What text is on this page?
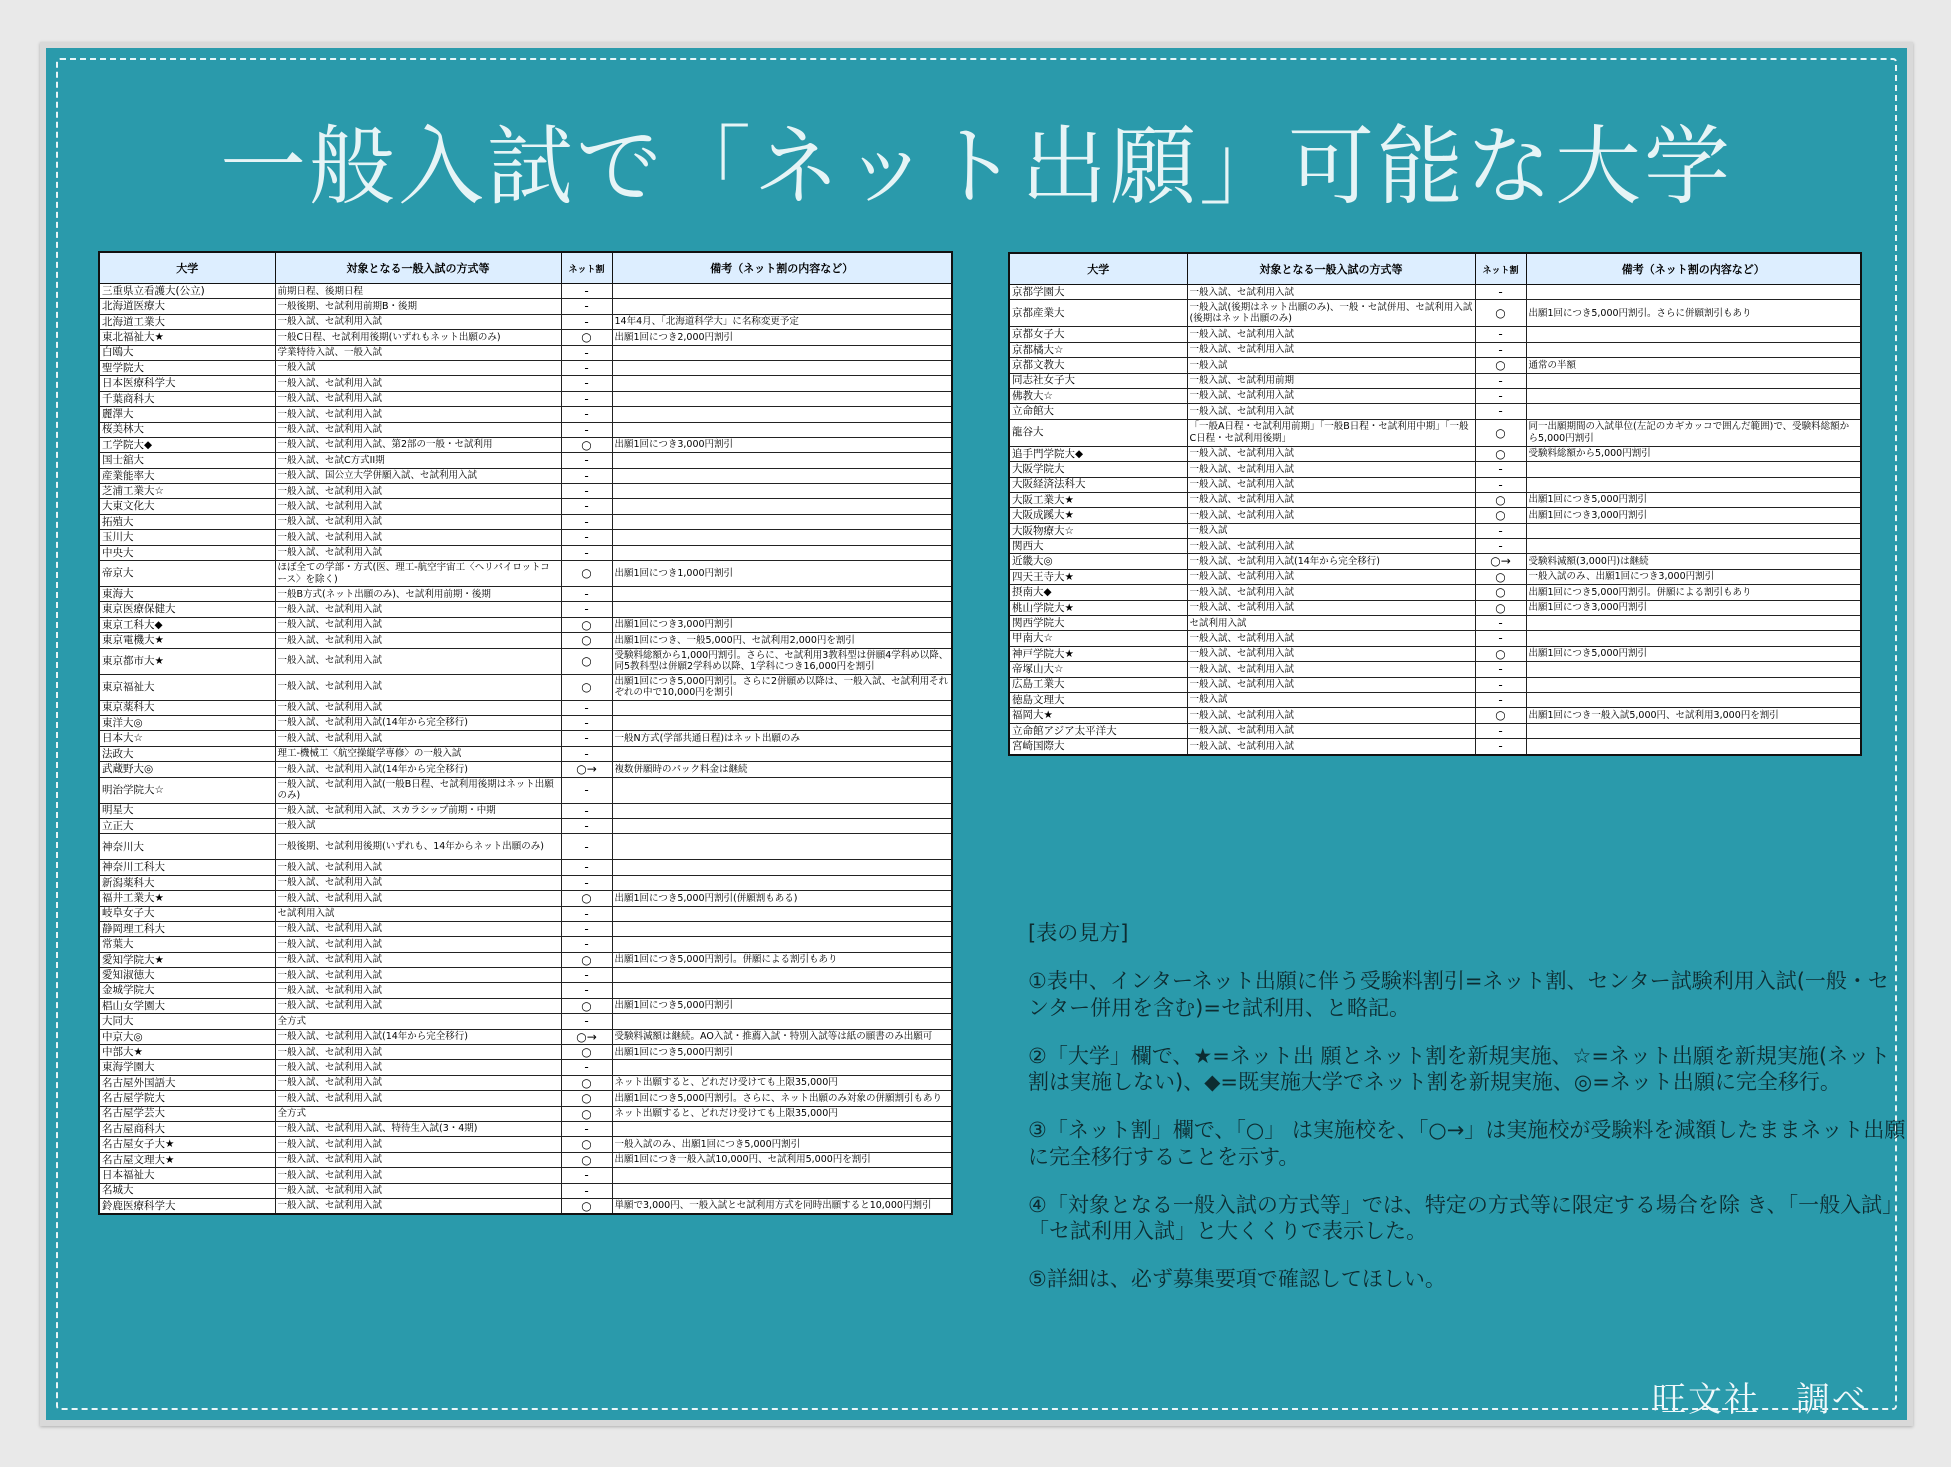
一般入試で「ネット出願」可能な大学
大学	対象となる一般入試の方式等	ネット割	備考（ネット割の内容など）
三重県立看護大(公立)	前期日程、後期日程	-	
北海道医療大	一般後期、セ試利用前期B・後期	-	
北海道工業大	一般入試、セ試利用入試	-	14年4月、「北海道科学大」に名称変更予定
東北福祉大★	一般C日程、セ試利用後期(いずれもネット出願のみ)	○	出願1回につき2,000円割引
白鴎大	学業特待入試、一般入試	-	
聖学院大	一般入試	-	
日本医療科学大	一般入試、セ試利用入試	-	
千葉商科大	一般入試、セ試利用入試	-	
麗澤大	一般入試、セ試利用入試	-	
桜美林大	一般入試、セ試利用入試	-	
工学院大◆	一般入試、セ試利用入試、第2部の一般・セ試利用	○	出願1回につき3,000円割引
国士舘大	一般入試、セ試C方式II期	-	
産業能率大	一般入試、国公立大学併願入試、セ試利用入試	-	
芝浦工業大☆	一般入試、セ試利用入試	-	
大東文化大	一般入試、セ試利用入試	-	
拓殖大	一般入試、セ試利用入試	-	
玉川大	一般入試、セ試利用入試	-	
中央大	一般入試、セ試利用入試	-	
帝京大	ほぼ全ての学部・方式(医、理工-航空宇宙工〈ヘリパイロットコース〉を除く)	○	出願1回につき1,000円割引
東海大	一般B方式(ネット出願のみ)、セ試利用前期・後期	-	
東京医療保健大	一般入試、セ試利用入試	-	
東京工科大◆	一般入試、セ試利用入試	○	出願1回につき3,000円割引
東京電機大★	一般入試、セ試利用入試	○	出願1回につき、一般5,000円、セ試利用2,000円を割引
東京都市大★	一般入試、セ試利用入試	○	受験料総額から1,000円割引。さらに、セ試利用3教科型は併願4学科め以降、同5教科型は併願2学科め以降、1学科につき16,000円を割引
東京福祉大	一般入試、セ試利用入試	○	出願1回につき5,000円割引。さらに2併願め以降は、一般入試、セ試利用それぞれの中で10,000円を割引
東京薬科大	一般入試、セ試利用入試	-	
東洋大◎	一般入試、セ試利用入試(14年から完全移行)	-	
日本大☆	一般入試、セ試利用入試	-	一般N方式(学部共通日程)はネット出願のみ
法政大	理工-機械工〈航空操縦学専修〉の一般入試	-	
武蔵野大◎	一般入試、セ試利用入試(14年から完全移行)	○→	複数併願時のパック料金は継続
明治学院大☆	一般入試、セ試利用入試(一般B日程、セ試利用後期はネット出願のみ)	-	
明星大	一般入試、セ試利用入試、スカラシップ前期・中期	-	
立正大	一般入試	-	
神奈川大	一般後期、セ試利用後期(いずれも、14年からネット出願のみ)	-	
神奈川工科大	一般入試、セ試利用入試	-	
新潟薬科大	一般入試、セ試利用入試	-	
福井工業大★	一般入試、セ試利用入試	○	出願1回につき5,000円割引(併願割もある)
岐阜女子大	セ試利用入試	-	
静岡理工科大	一般入試、セ試利用入試	-	
常葉大	一般入試、セ試利用入試	-	
愛知学院大★	一般入試、セ試利用入試	○	出願1回につき5,000円割引。併願による割引もあり
愛知淑徳大	一般入試、セ試利用入試	-	
金城学院大	一般入試、セ試利用入試	-	
椙山女学園大	一般入試、セ試利用入試	○	出願1回につき5,000円割引
大同大	全方式	-	
中京大◎	一般入試、セ試利用入試(14年から完全移行)	○→	受験料減額は継続。AO入試・推薦入試・特別入試等は紙の願書のみ出願可
中部大★	一般入試、セ試利用入試	○	出願1回につき5,000円割引
東海学園大	一般入試、セ試利用入試	-	
名古屋外国語大	一般入試、セ試利用入試	○	ネット出願すると、どれだけ受けても上限35,000円
名古屋学院大	一般入試、セ試利用入試	○	出願1回につき5,000円割引。さらに、ネット出願のみ対象の併願割引もあり
名古屋学芸大	全方式	○	ネット出願すると、どれだけ受けても上限35,000円
名古屋商科大	一般入試、セ試利用入試、特待生入試(3・4期)	-	
名古屋女子大★	一般入試、セ試利用入試	○	一般入試のみ、出願1回につき5,000円割引
名古屋文理大★	一般入試、セ試利用入試	○	出願1回につき一般入試10,000円、セ試利用5,000円を割引
日本福祉大	一般入試、セ試利用入試	-	
名城大	一般入試、セ試利用入試	-	
鈴鹿医療科学大	一般入試、セ試利用入試	○	単願で3,000円、一般入試とセ試利用方式を同時出願すると10,000円割引
大学	対象となる一般入試の方式等	ネット割	備考（ネット割の内容など）
京都学園大	一般入試、セ試利用入試	-	
京都産業大	一般入試(後期はネット出願のみ)、一般・セ試併用、セ試利用入試(後期はネット出願のみ)	○	出願1回につき5,000円割引。さらに併願割引もあり
京都女子大	一般入試、セ試利用入試	-	
京都橘大☆	一般入試、セ試利用入試	-	
京都文教大	一般入試	○	通常の半額
同志社女子大	一般入試、セ試利用前期	-	
佛教大☆	一般入試、セ試利用入試	-	
立命館大	一般入試、セ試利用入試	-	
龍谷大	「一般A日程・セ試利用前期」「一般B日程・セ試利用中期」「一般C日程・セ試利用後期」	○	同一出願期間の入試単位(左記のカギカッコで囲んだ範囲)で、受験料総額から5,000円割引
追手門学院大◆	一般入試、セ試利用入試	○	受験料総額から5,000円割引
大阪学院大	一般入試、セ試利用入試	-	
大阪経済法科大	一般入試、セ試利用入試	-	
大阪工業大★	一般入試、セ試利用入試	○	出願1回につき5,000円割引
大阪成蹊大★	一般入試、セ試利用入試	○	出願1回につき3,000円割引
大阪物療大☆	一般入試	-	
関西大	一般入試、セ試利用入試	-	
近畿大◎	一般入試、セ試利用入試(14年から完全移行)	○→	受験料減額(3,000円)は継続
四天王寺大★	一般入試、セ試利用入試	○	一般入試のみ、出願1回につき3,000円割引
摂南大◆	一般入試、セ試利用入試	○	出願1回につき5,000円割引。併願による割引もあり
桃山学院大★	一般入試、セ試利用入試	○	出願1回につき3,000円割引
関西学院大	セ試利用入試	-	
甲南大☆	一般入試、セ試利用入試	-	
神戸学院大★	一般入試、セ試利用入試	○	出願1回につき5,000円割引
帝塚山大☆	一般入試、セ試利用入試	-	
広島工業大	一般入試、セ試利用入試	-	
徳島文理大	一般入試	-	
福岡大★	一般入試、セ試利用入試	○	出願1回につき一般入試5,000円、セ試利用3,000円を割引
立命館アジア太平洋大	一般入試、セ試利用入試	-	
宮崎国際大	一般入試、セ試利用入試	-	

[表の見方]

①表中、インターネット出願に伴う受験料割引=ネット割、センター試験利用入試(一般・センター併用を含む)=セ試利用、と略記。

②「大学」欄で、★=ネット出 願とネット割を新規実施、☆=ネット出願を新規実施(ネット割は実施しない)、◆=既実施大学でネット割を新規実施、◎=ネット出願に完全移行。

③「ネット割」欄で、「○」 は実施校を、「○→」は実施校が受験料を減額したままネット出願に完全移行することを示す。

④「対象となる一般入試の方式等」では、特定の方式等に限定する場合を除 き、「一般入試」「セ試利用入試」と大くくりで表示した。

⑤詳細は、必ず募集要項で確認してほしい。

旺文社　調べ
